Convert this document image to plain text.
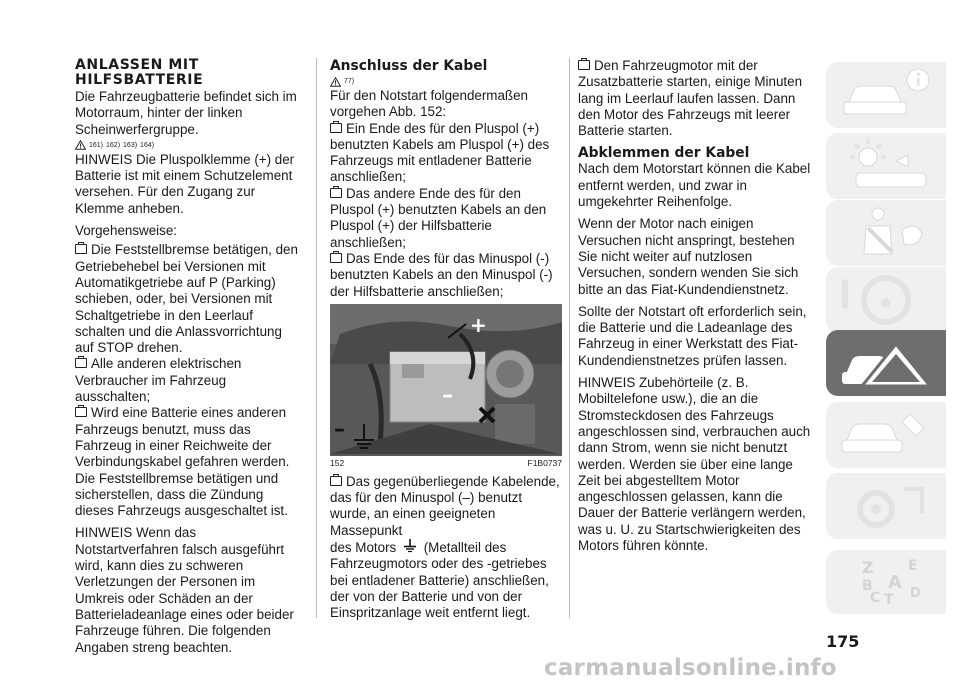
ANLASSEN MIT
HILFSBATTERIE

Die Fahrzeugbatterie befindet sich im Motorraum, hinter der linken Scheinwerfergruppe.

161) 162) 163) 164)

HINWEIS Die Pluspolklemme (+) der Batterie ist mit einem Schutzelement versehen. Für den Zugang zur Klemme anheben.

Vorgehensweise:

Die Feststellbremse betätigen, den Getriebehebel bei Versionen mit Automatikgetriebe auf P (Parking) schieben, oder, bei Versionen mit Schaltgetriebe in den Leerlauf schalten und die Anlassvorrichtung auf STOP drehen.

Alle anderen elektrischen Verbraucher im Fahrzeug ausschalten;

Wird eine Batterie eines anderen Fahrzeugs benutzt, muss das Fahrzeug in einer Reichweite der Verbindungskabel gefahren werden. Die Feststellbremse betätigen und sicherstellen, dass die Zündung dieses Fahrzeugs ausgeschaltet ist.

HINWEIS Wenn das Notstartverfahren falsch ausgeführt wird, kann dies zu schweren Verletzungen der Personen im Umkreis oder Schäden an der Batterieladeanlage eines oder beider Fahrzeuge führen. Die folgenden Angaben streng beachten.

Anschluss der Kabel
77)

Für den Notstart folgendermaßen vorgehen Abb. 152:

Ein Ende des für den Pluspol (+) benutzten Kabels am Pluspol (+) des Fahrzeugs mit entladener Batterie anschließen;

Das andere Ende des für den Pluspol (+) benutzten Kabels an den Pluspol (+) der Hilfsbatterie anschließen;

Das Ende des für das Minuspol (-) benutzten Kabels an den Minuspol (-) der Hilfsbatterie anschließen;

+
–
–
152	F1B0737

Das gegenüberliegende Kabelende, das für den Minuspol (–) benutzt wurde, an einen geeigneten Massepunkt

des Motors (Metallteil des

Fahrzeugmotors oder des -getriebes bei entladener Batterie) anschließen, der von der Batterie und von der Einspritzanlage weit entfernt liegt.

Den Fahrzeugmotor mit der Zusatzbatterie starten, einige Minuten lang im Leerlauf laufen lassen. Dann den Motor des Fahrzeugs mit leerer Batterie starten.

Abklemmen der Kabel

Nach dem Motorstart können die Kabel entfernt werden, und zwar in umgekehrter Reihenfolge.

Wenn der Motor nach einigen Versuchen nicht anspringt, bestehen Sie nicht weiter auf nutzlosen Versuchen, sondern wenden Sie sich bitte an das Fiat-Kundendienstnetz.

Sollte der Notstart oft erforderlich sein, die Batterie und die Ladeanlage des Fahrzeug in einer Werkstatt des Fiat-Kundendienstnetzes prüfen lassen.

HINWEIS Zubehörteile (z. B. Mobiltelefone usw.), die an die Stromsteckdosen des Fahrzeugs angeschlossen sind, verbrauchen auch dann Strom, wenn sie nicht benutzt werden. Werden sie über eine lange Zeit bei abgestelltem Motor angeschlossen gelassen, kann die Dauer der Batterie verlängern werden, was u. U. zu Startschwierigkeiten des Motors führen könnte.

Z E
B A
C T D
175
carmanualsonline.info
